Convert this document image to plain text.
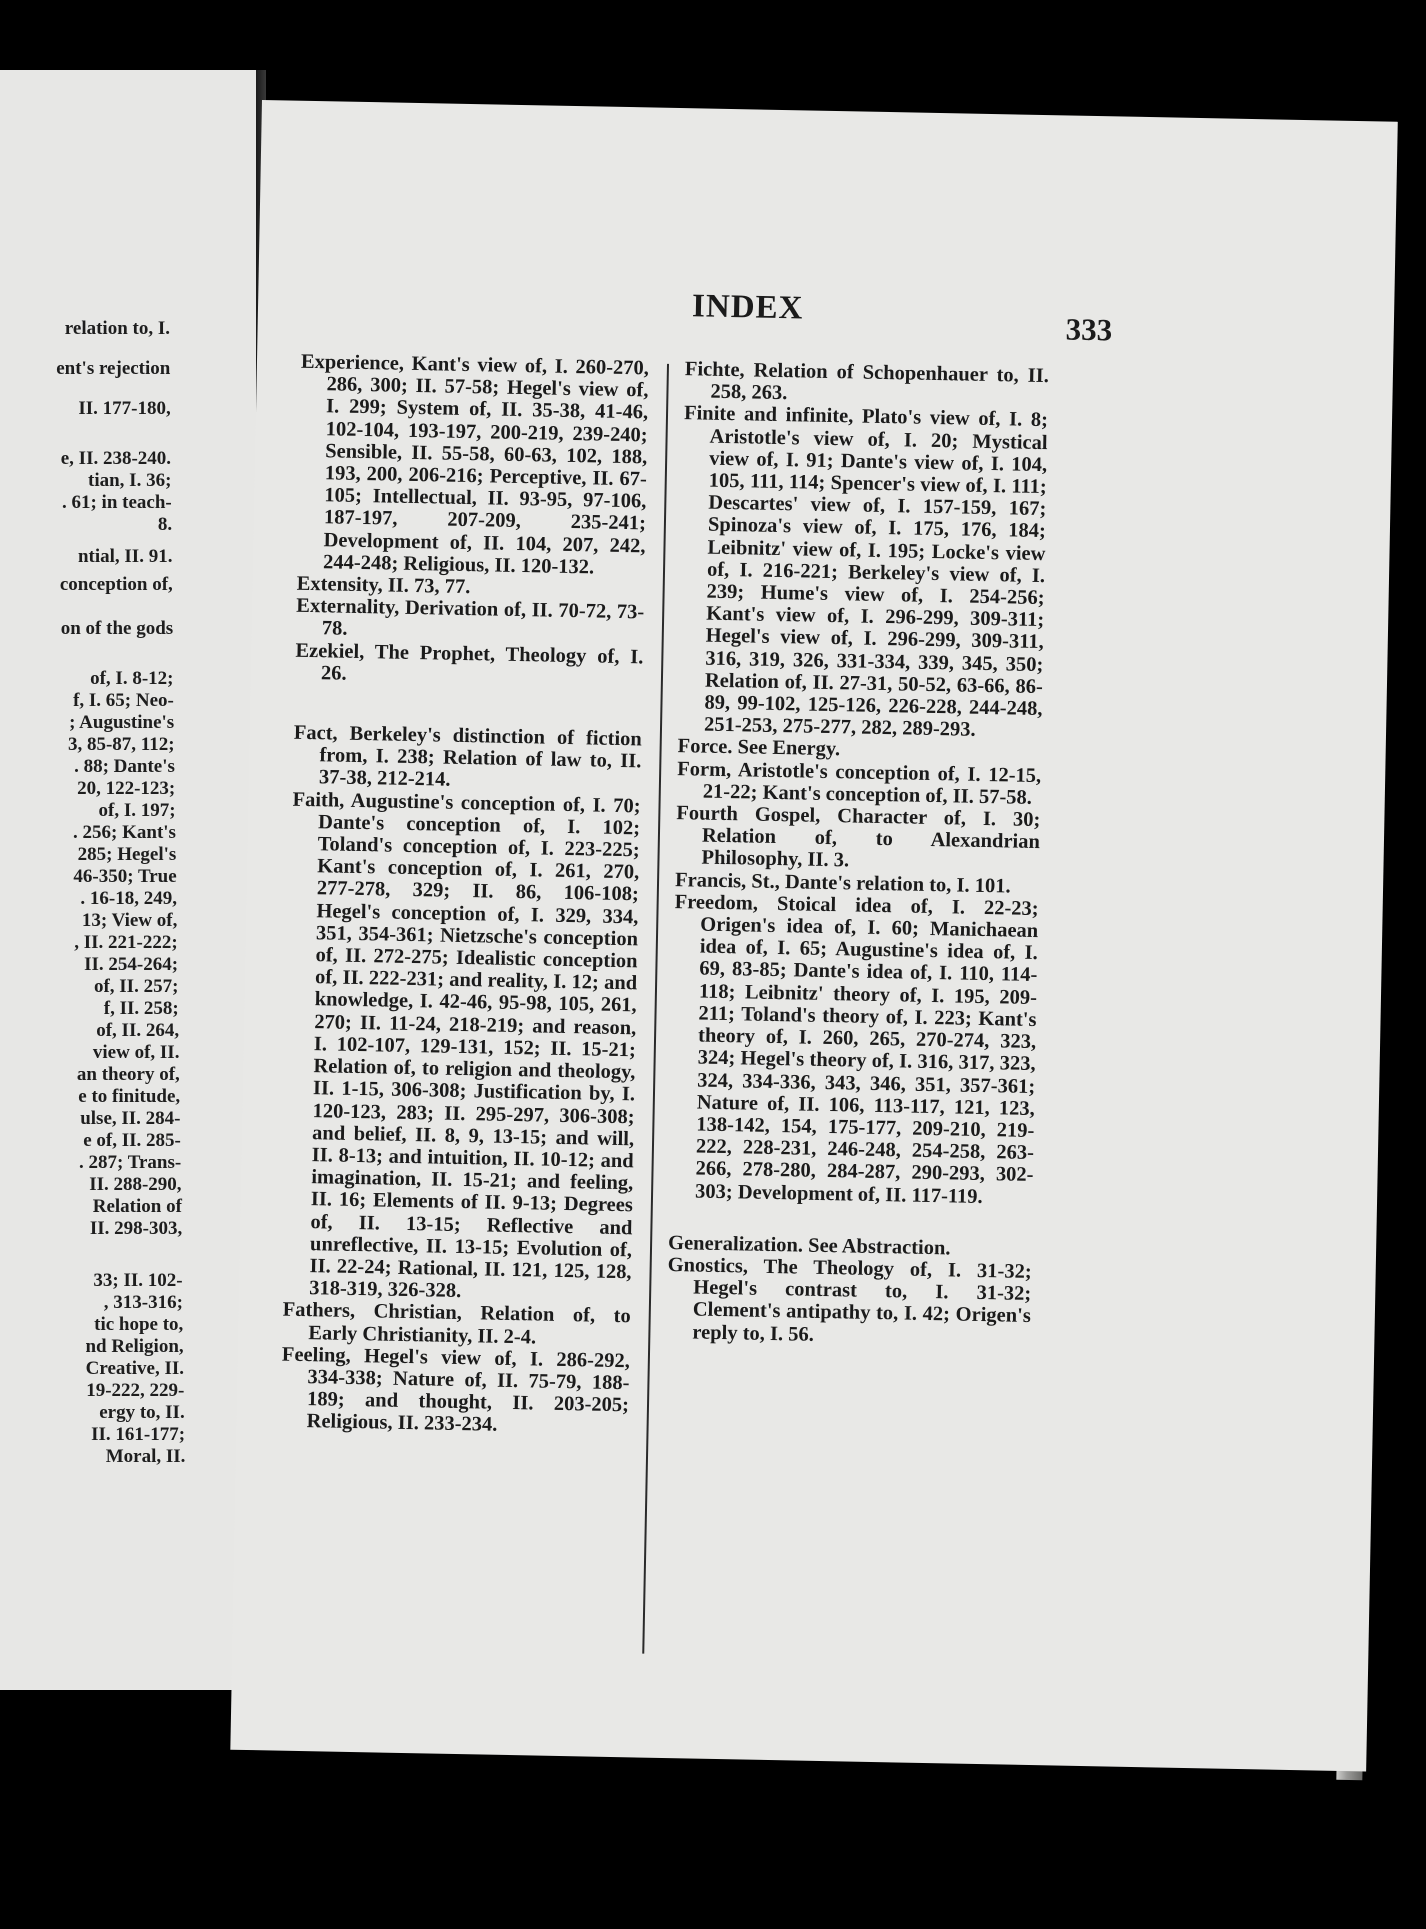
relation to, I.
ent's rejection
II. 177-180,
e, II. 238-240.
tian, I. 36;
. 61; in teach-
8.
ntial, II. 91.
conception of,
on of the gods
of, I. 8-12;
f, I. 65; Neo-
; Augustine's
3, 85-87, 112;
. 88; Dante's
20, 122-123;
of, I. 197;
. 256; Kant's
285; Hegel's
46-350; True
. 16-18, 249,
13; View of,
, II. 221-222;
II. 254-264;
of, II. 257;
f, II. 258;
of, II. 264,
view of, II.
an theory of,
e to finitude,
ulse, II. 284-
e of, II. 285-
. 287; Trans-
II. 288-290,
Relation of
II. 298-303,
33; II. 102-
, 313-316;
tic hope to,
nd Religion,
Creative, II.
19-222, 229-
ergy to, II.
II. 161-177;
Moral, II.
INDEX
333

Experience, Kant's view of, I. 260-270, 286, 300; II. 57-58; Hegel's view of, I. 299; System of, II. 35-38, 41-46, 102-104, 193-197, 200-219, 239-240; Sensible, II. 55-58, 60-63, 102, 188, 193, 200, 206-216; Perceptive, II. 67-105; Intellectual, II. 93-95, 97-106, 187-197, 207-209, 235-241; Development of, II. 104, 207, 242, 244-248; Religious, II. 120-132.

Extensity, II. 73, 77.

Externality, Derivation of, II. 70-72, 73-78.

Ezekiel, The Prophet, Theology of, I. 26.

Fact, Berkeley's distinction of fiction from, I. 238; Relation of law to, II. 37-38, 212-214.

Faith, Augustine's conception of, I. 70; Dante's conception of, I. 102; Toland's conception of, I. 223-225; Kant's conception of, I. 261, 270, 277-278, 329; II. 86, 106-108; Hegel's conception of, I. 329, 334, 351, 354-361; Nietzsche's conception of, II. 272-275; Idealistic conception of, II. 222-231; and reality, I. 12; and knowledge, I. 42-46, 95-98, 105, 261, 270; II. 11-24, 218-219; and reason, I. 102-107, 129-131, 152; II. 15-21; Relation of, to religion and theology, II. 1-15, 306-308; Justification by, I. 120-123, 283; II. 295-297, 306-308; and belief, II. 8, 9, 13-15; and will, II. 8-13; and intuition, II. 10-12; and imagination, II. 15-21; and feeling, II. 16; Elements of II. 9-13; Degrees of, II. 13-15; Reflective and unreflective, II. 13-15; Evolution of, II. 22-24; Rational, II. 121, 125, 128, 318-319, 326-328.

Fathers, Christian, Relation of, to Early Christianity, II. 2-4.

Feeling, Hegel's view of, I. 286-292, 334-338; Nature of, II. 75-79, 188-189; and thought, II. 203-205; Religious, II. 233-234.

Fichte, Relation of Schopenhauer to, II. 258, 263.

Finite and infinite, Plato's view of, I. 8; Aristotle's view of, I. 20; Mystical view of, I. 91; Dante's view of, I. 104, 105, 111, 114; Spencer's view of, I. 111; Descartes' view of, I. 157-159, 167; Spinoza's view of, I. 175, 176, 184; Leibnitz' view of, I. 195; Locke's view of, I. 216-221; Berkeley's view of, I. 239; Hume's view of, I. 254-256; Kant's view of, I. 296-299, 309-311; Hegel's view of, I. 296-299, 309-311, 316, 319, 326, 331-334, 339, 345, 350; Relation of, II. 27-31, 50-52, 63-66, 86-89, 99-102, 125-126, 226-228, 244-248, 251-253, 275-277, 282, 289-293.

Force. See Energy.

Form, Aristotle's conception of, I. 12-15, 21-22; Kant's conception of, II. 57-58.

Fourth Gospel, Character of, I. 30; Relation of, to Alexandrian Philosophy, II. 3.

Francis, St., Dante's relation to, I. 101.

Freedom, Stoical idea of, I. 22-23; Origen's idea of, I. 60; Manichaean idea of, I. 65; Augustine's idea of, I. 69, 83-85; Dante's idea of, I. 110, 114-118; Leibnitz' theory of, I. 195, 209-211; Toland's theory of, I. 223; Kant's theory of, I. 260, 265, 270-274, 323, 324; Hegel's theory of, I. 316, 317, 323, 324, 334-336, 343, 346, 351, 357-361; Nature of, II. 106, 113-117, 121, 123, 138-142, 154, 175-177, 209-210, 219-222, 228-231, 246-248, 254-258, 263-266, 278-280, 284-287, 290-293, 302-303; Development of, II. 117-119.

Generalization. See Abstraction.

Gnostics, The Theology of, I. 31-32; Hegel's contrast to, I. 31-32; Clement's antipathy to, I. 42; Origen's reply to, I. 56.
